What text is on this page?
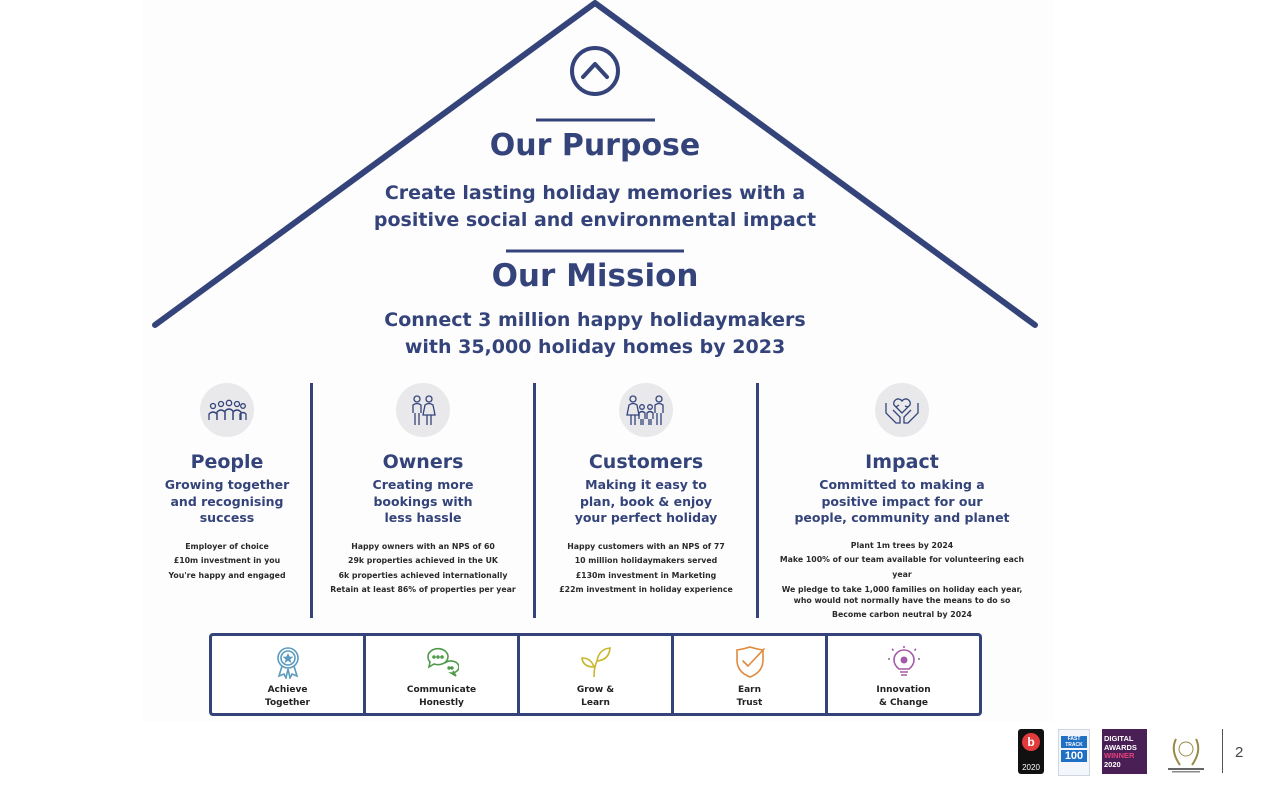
Our Purpose
Create lasting holiday memories with a
positive social and environmental impact
Our Mission
Connect 3 million happy holidaymakers
with 35,000 holiday homes by 2023
People
Growing together
and recognising
success
Employer of choice
£10m investment in you
You're happy and engaged
Owners
Creating more
bookings with
less hassle
Happy owners with an NPS of 60
29k properties achieved in the UK
6k properties achieved internationally
Retain at least 86% of properties per year
Customers
Making it easy to
plan, book & enjoy
your perfect holiday
Happy customers with an NPS of 77
10 million holidaymakers served
£130m investment in Marketing
£22m investment in holiday experience
Impact
Committed to making a
positive impact for our
people, community and planet
Plant 1m trees by 2024
Make 100% of our team available for volunteering each year
We pledge to take 1,000 families on holiday each year,
who would not normally have the means to do so
Become carbon neutral by 2024
Achieve
Together
Communicate
Honestly
Grow &
Learn
Earn
Trust
Innovation
& Change
b
2020
FAST
TRACK
100
DIGITAL
AWARDS
WINNER
2020
2
